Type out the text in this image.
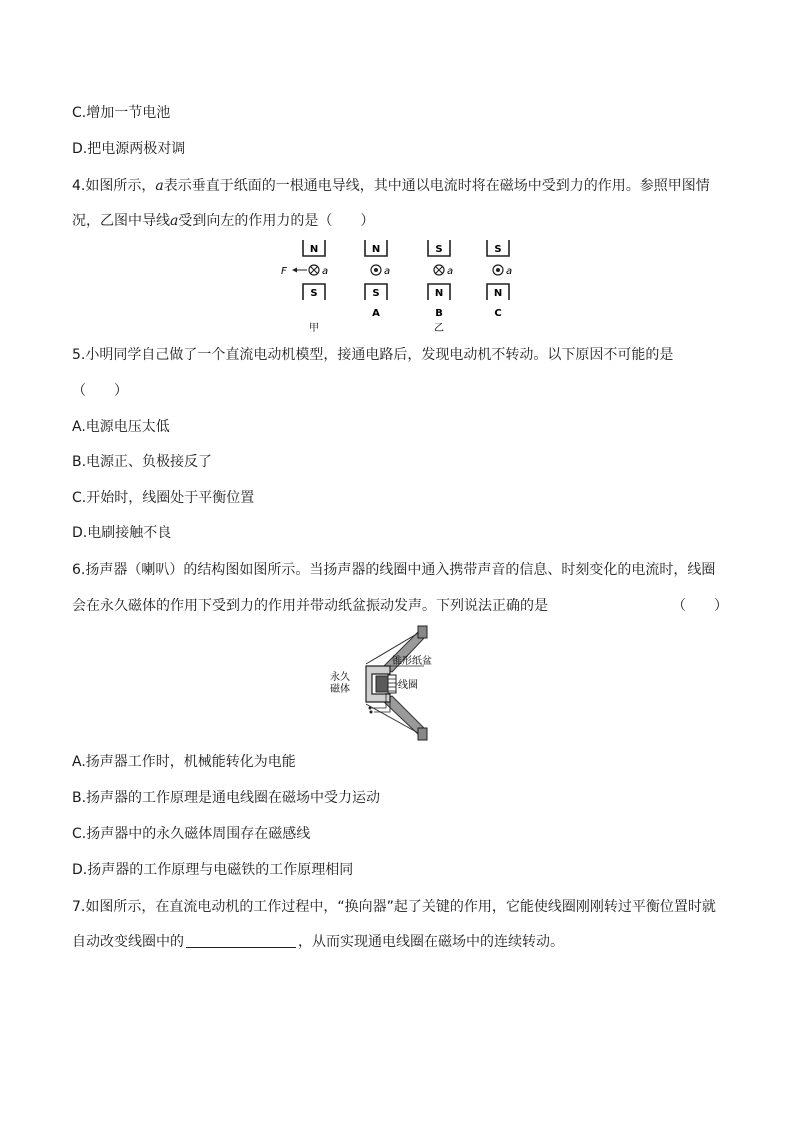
C.增加一节电池
D.把电源两极对调
4.如图所示，a表示垂直于纸面的一根通电导线，其中通以电流时将在磁场中受到力的作用。参照甲图情
况，乙图中导线a受到向左的作用力的是（　　）
N
a
F
S
N
a
S
A
S
a
N
B
S
a
N
C
甲	乙
5.小明同学自己做了一个直流电动机模型，接通电路后，发现电动机不转动。以下原因不可能的是
（　　）
A.电源电压太低
B.电源正、负极接反了
C.开始时，线圈处于平衡位置
D.电刷接触不良
6.扬声器（喇叭）的结构图如图所示。当扬声器的线圈中通入携带声音的信息、时刻变化的电流时，线圈
会在永久磁体的作用下受到力的作用并带动纸盆振动发声。下列说法正确的是	（　　）
锥形纸盆
永久
磁体	线圈
A.扬声器工作时，机械能转化为电能
B.扬声器的工作原理是通电线圈在磁场中受力运动
C.扬声器中的永久磁体周围存在磁感线
D.扬声器的工作原理与电磁铁的工作原理相同
7.如图所示，在直流电动机的工作过程中，“换向器”起了关键的作用，它能使线圈刚刚转过平衡位置时就
自动改变线圈中的	，从而实现通电线圈在磁场中的连续转动。
